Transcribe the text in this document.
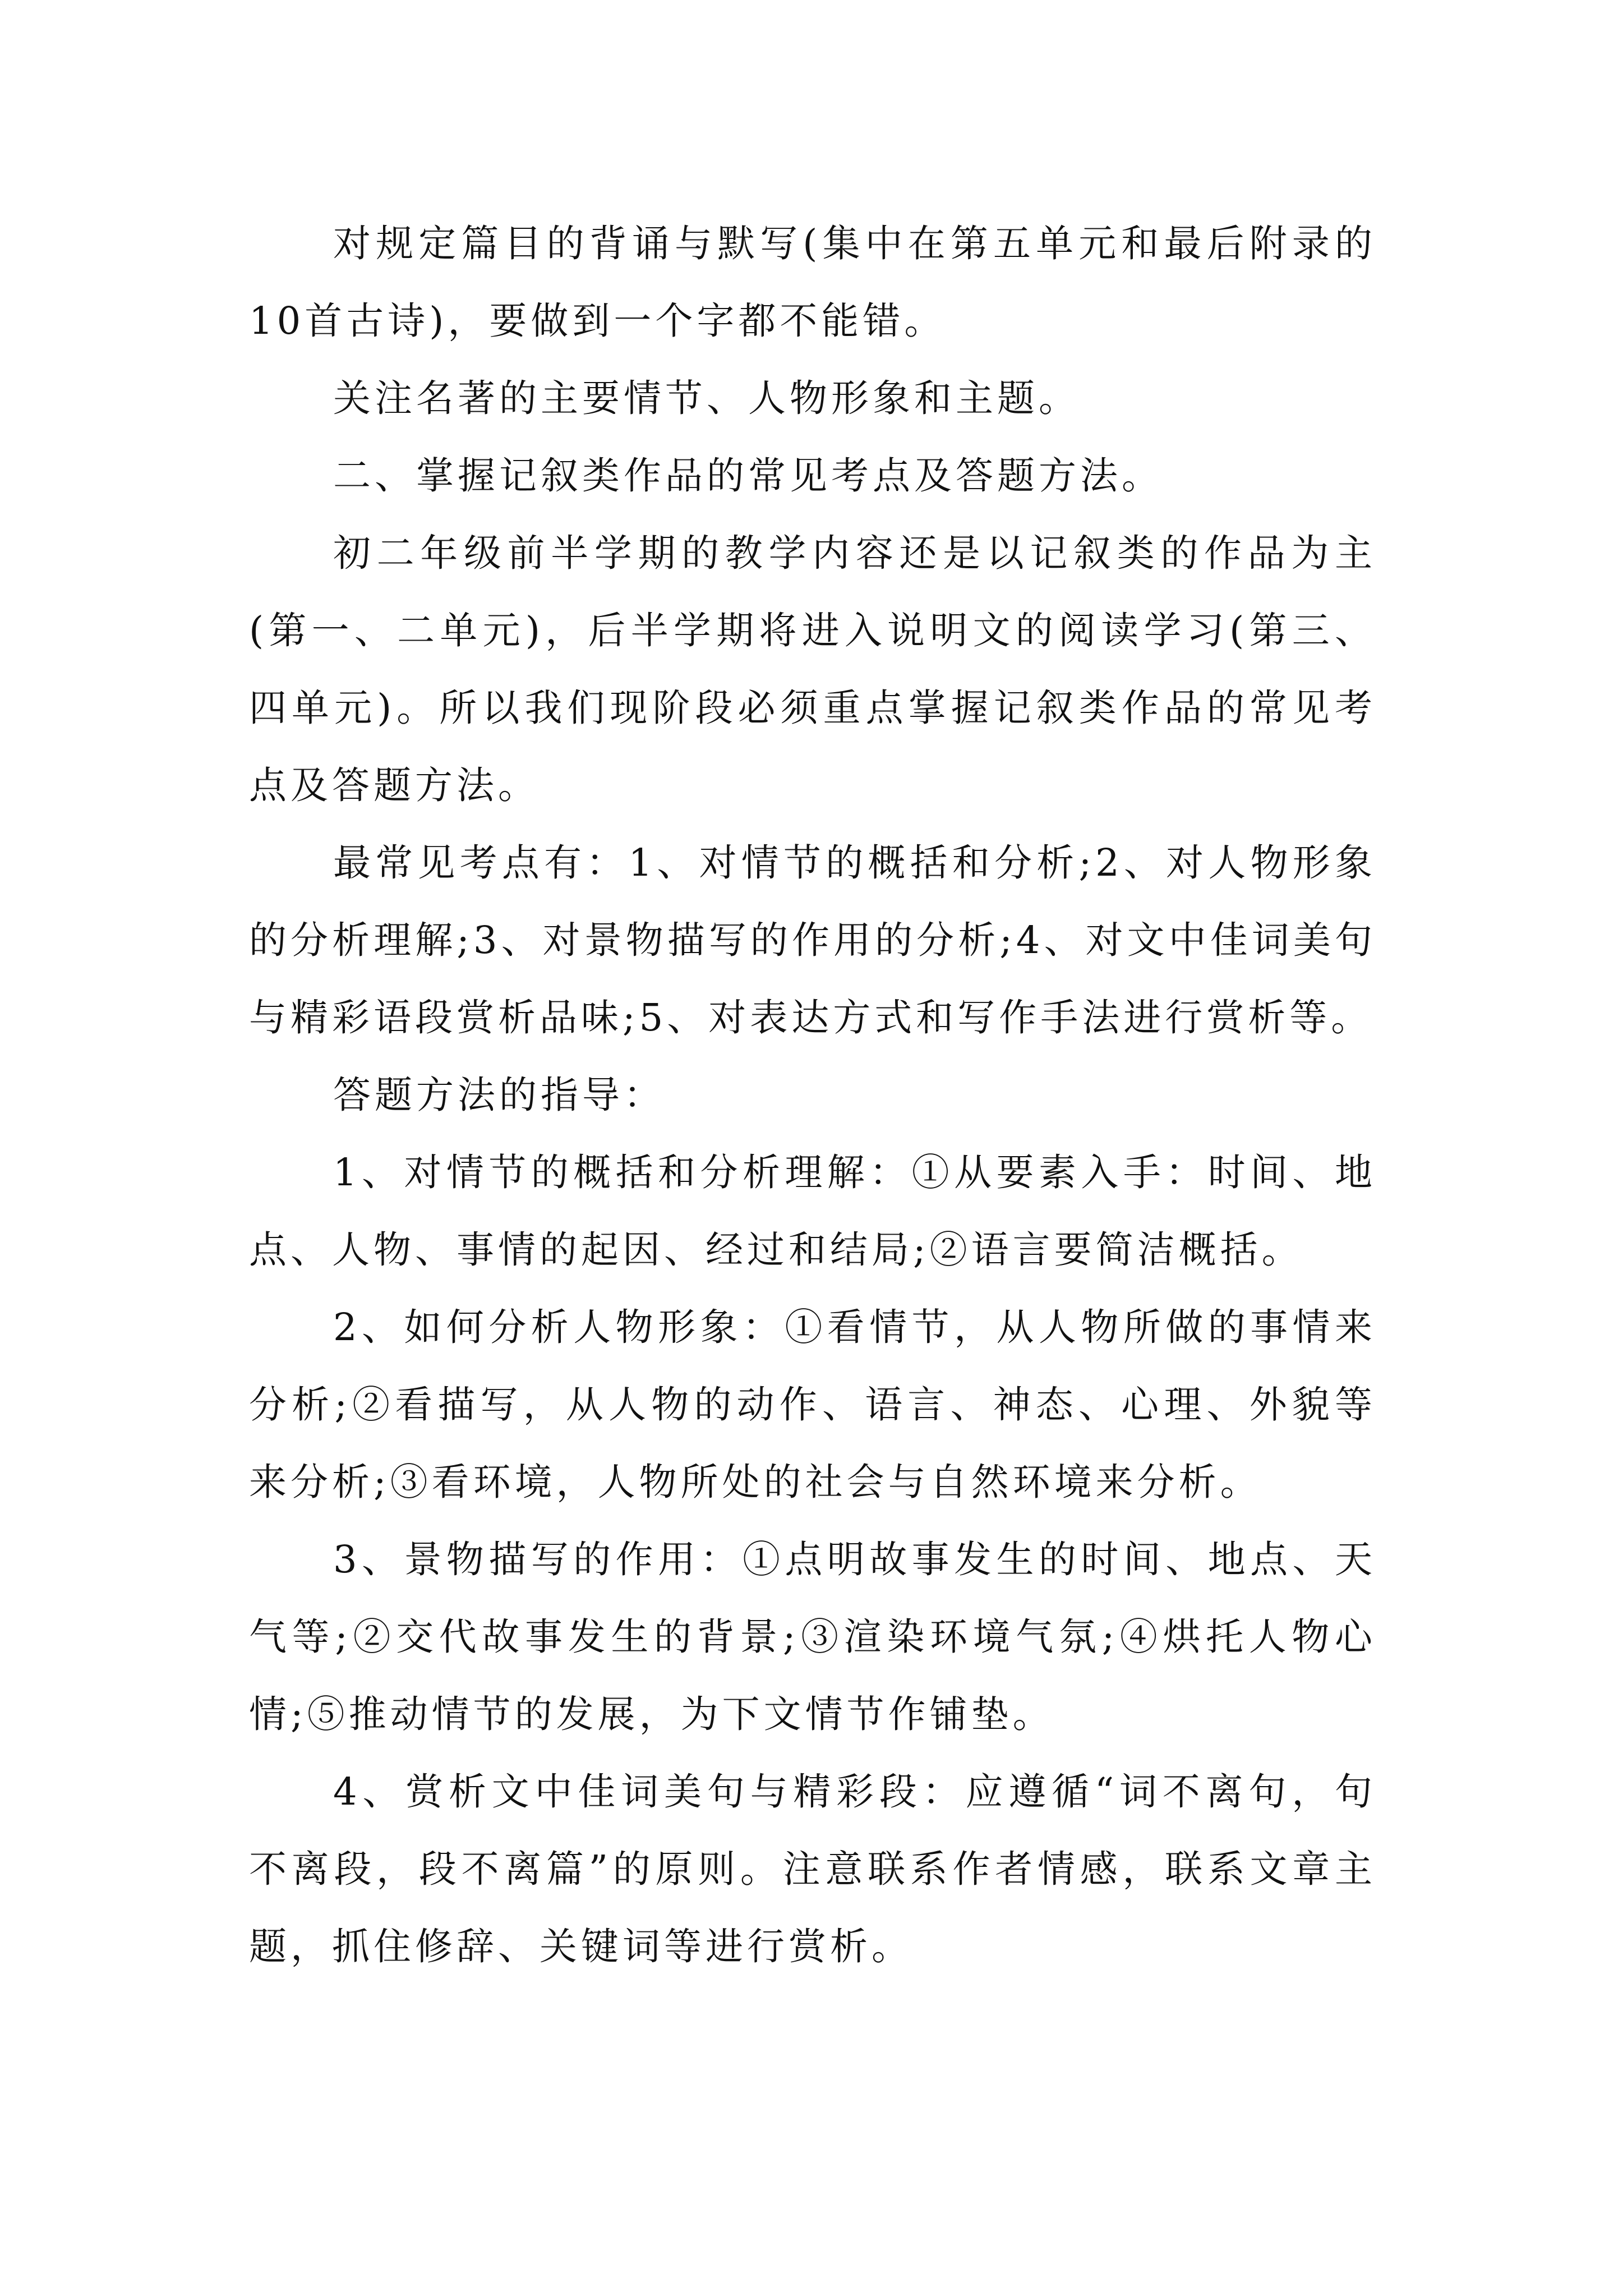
对规定篇目的背诵与默写(集中在第五单元和最后附录的10首古诗)，要做到一个字都不能错。

关注名著的主要情节、人物形象和主题。

二、掌握记叙类作品的常见考点及答题方法。

初二年级前半学期的教学内容还是以记叙类的作品为主(第一、二单元)，后半学期将进入说明文的阅读学习(第三、四单元)。所以我们现阶段必须重点掌握记叙类作品的常见考点及答题方法。

最常见考点有：1、对情节的概括和分析;2、对人物形象的分析理解;3、对景物描写的作用的分析;4、对文中佳词美句与精彩语段赏析品味;5、对表达方式和写作手法进行赏析等。

答题方法的指导：

1、对情节的概括和分析理解：①从要素入手：时间、地点、人物、事情的起因、经过和结局;②语言要简洁概括。

2、如何分析人物形象：①看情节，从人物所做的事情来分析;②看描写，从人物的动作、语言、神态、心理、外貌等来分析;③看环境，人物所处的社会与自然环境来分析。

3、景物描写的作用：①点明故事发生的时间、地点、天气等;②交代故事发生的背景;③渲染环境气氛;④烘托人物心情;⑤推动情节的发展，为下文情节作铺垫。

4、赏析文中佳词美句与精彩段：应遵循“词不离句，句不离段，段不离篇”的原则。注意联系作者情感，联系文章主题，抓住修辞、关键词等进行赏析。
